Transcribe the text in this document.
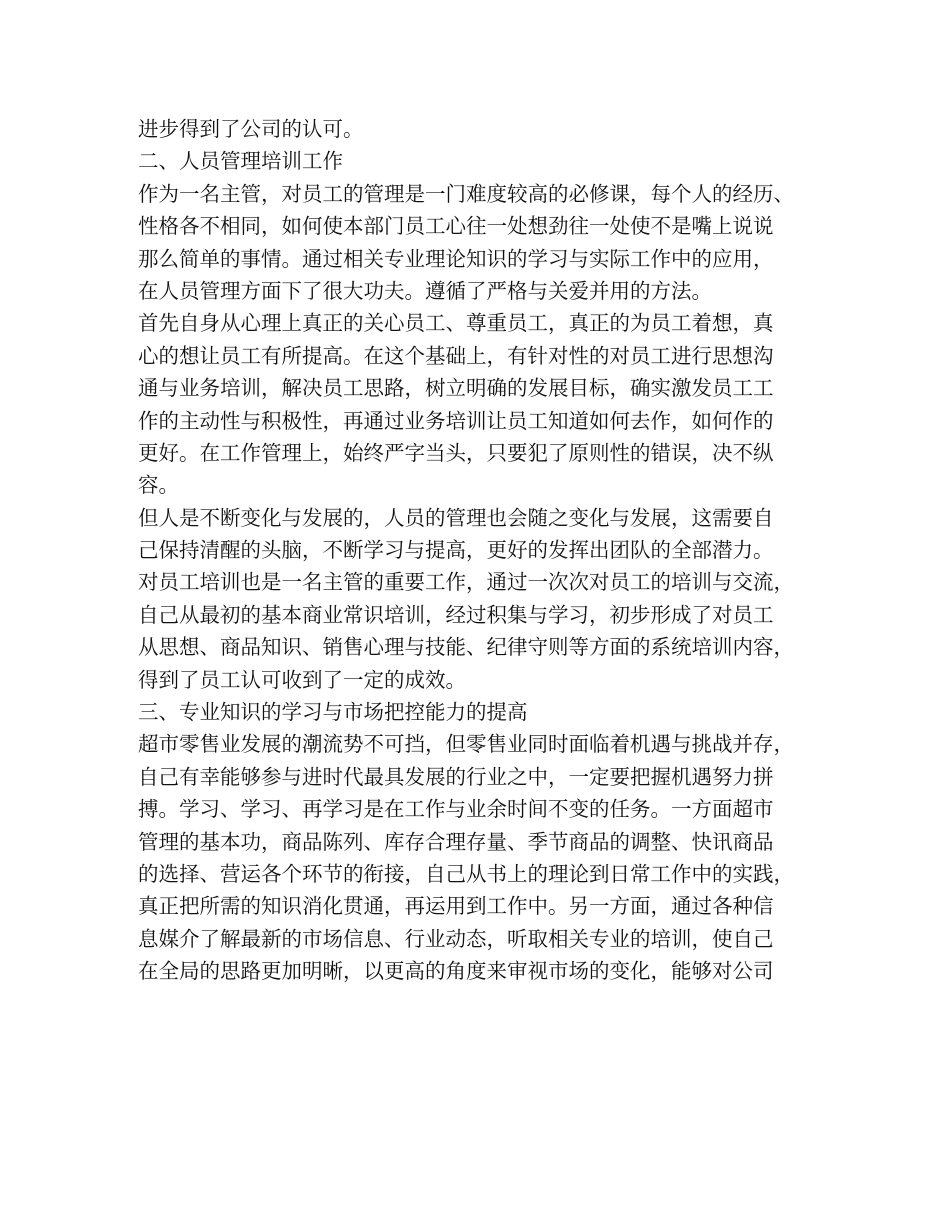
进步得到了公司的认可。
二、人员管理培训工作
作为一名主管，对员工的管理是一门难度较高的必修课，每个人的经历、
性格各不相同，如何使本部门员工心往一处想劲往一处使不是嘴上说说
那么简单的事情。通过相关专业理论知识的学习与实际工作中的应用，
在人员管理方面下了很大功夫。遵循了严格与关爱并用的方法。
首先自身从心理上真正的关心员工、尊重员工，真正的为员工着想，真
心的想让员工有所提高。在这个基础上，有针对性的对员工进行思想沟
通与业务培训，解决员工思路，树立明确的发展目标，确实激发员工工
作的主动性与积极性，再通过业务培训让员工知道如何去作，如何作的
更好。在工作管理上，始终严字当头，只要犯了原则性的错误，决不纵
容。
但人是不断变化与发展的，人员的管理也会随之变化与发展，这需要自
己保持清醒的头脑，不断学习与提高，更好的发挥出团队的全部潜力。
对员工培训也是一名主管的重要工作，通过一次次对员工的培训与交流，
自己从最初的基本商业常识培训，经过积集与学习，初步形成了对员工
从思想、商品知识、销售心理与技能、纪律守则等方面的系统培训内容，
得到了员工认可收到了一定的成效。
三、专业知识的学习与市场把控能力的提高
超市零售业发展的潮流势不可挡，但零售业同时面临着机遇与挑战并存，
自己有幸能够参与进时代最具发展的行业之中，一定要把握机遇努力拼
搏。学习、学习、再学习是在工作与业余时间不变的任务。一方面超市
管理的基本功，商品陈列、库存合理存量、季节商品的调整、快讯商品
的选择、营运各个环节的衔接，自己从书上的理论到日常工作中的实践，
真正把所需的知识消化贯通，再运用到工作中。另一方面，通过各种信
息媒介了解最新的市场信息、行业动态，听取相关专业的培训，使自己
在全局的思路更加明晰，以更高的角度来审视市场的变化，能够对公司
